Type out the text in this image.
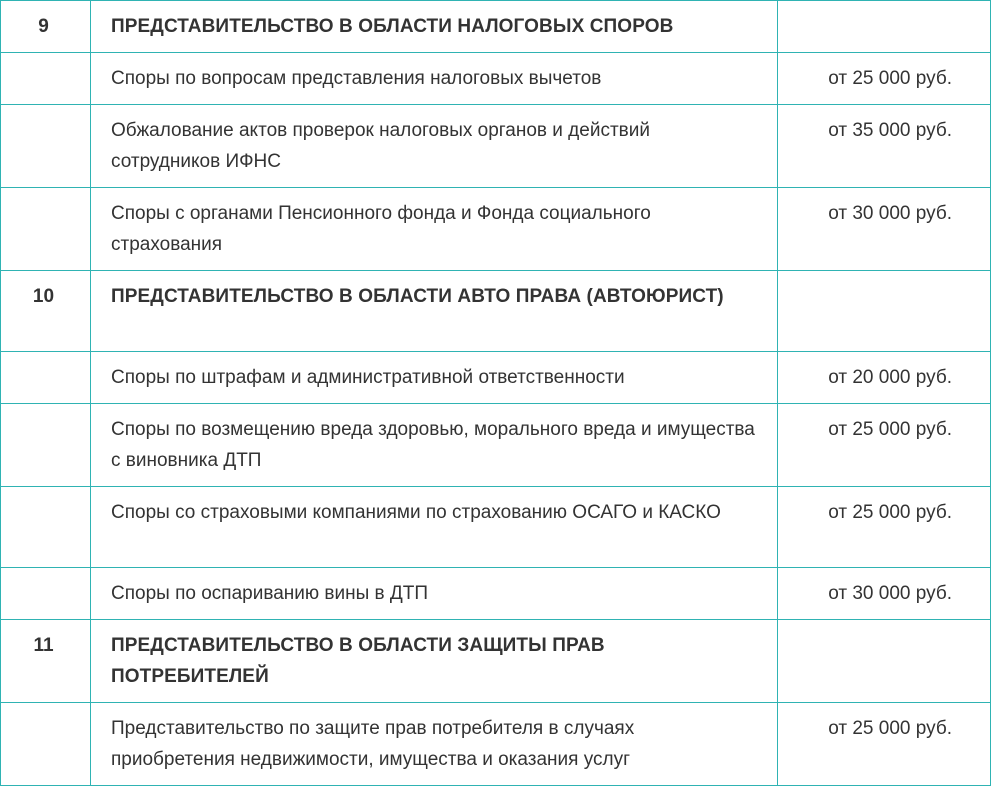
9	ПРЕДСТАВИТЕЛЬСТВО В ОБЛАСТИ НАЛОГОВЫХ СПОРОВ	
	Споры по вопросам представления налоговых вычетов	от 25 000 руб.
	Обжалование актов проверок налоговых органов и действий сотрудников ИФНС	от 35 000 руб.
	Споры с органами Пенсионного фонда и Фонда социального страхования	от 30 000 руб.
10	ПРЕДСТАВИТЕЛЬСТВО В ОБЛАСТИ АВТО ПРАВА (АВТОЮРИСТ)	
	Споры по штрафам и административной ответственности	от 20 000 руб.
	Споры по возмещению вреда здоровью, морального вреда и имущества с виновника ДТП	от 25 000 руб.
	Споры со страховыми компаниями по страхованию ОСАГО и КАСКО	от 25 000 руб.
	Споры по оспариванию вины в ДТП	от 30 000 руб.
11	ПРЕДСТАВИТЕЛЬСТВО В ОБЛАСТИ ЗАЩИТЫ ПРАВ ПОТРЕБИТЕЛЕЙ	
	Представительство по защите прав потребителя в случаях приобретения недвижимости, имущества и оказания услуг	от 25 000 руб.
